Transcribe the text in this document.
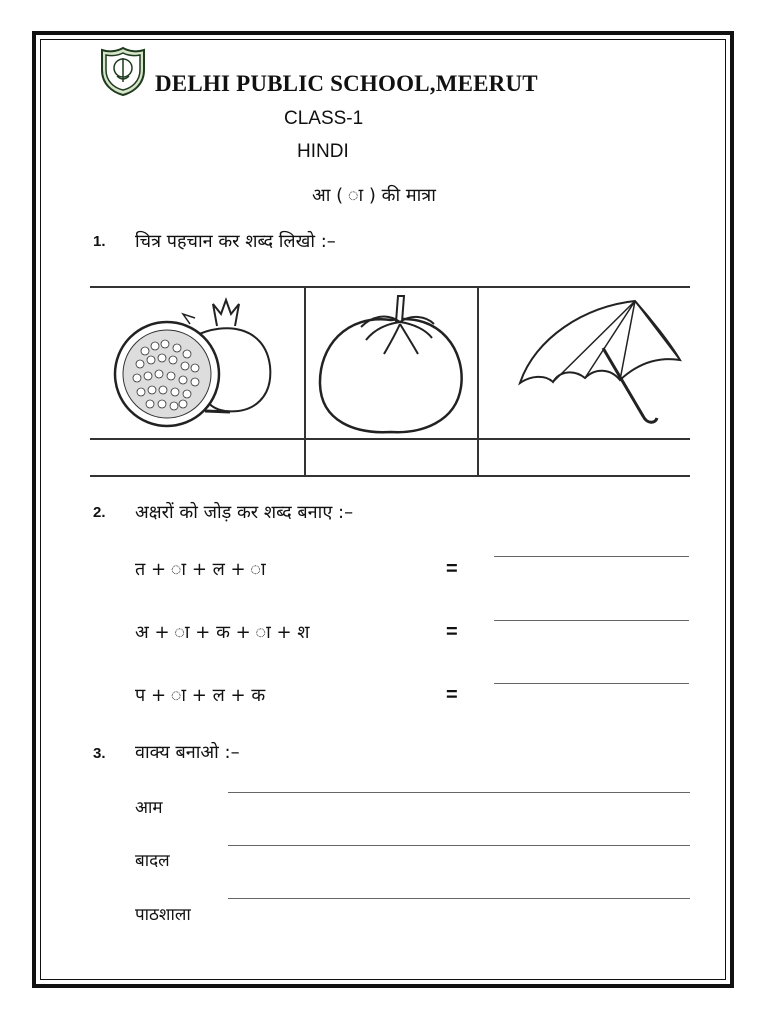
DELHI PUBLIC SCHOOL,MEERUT
CLASS-1
HINDI
आ ( ा ) की मात्रा
1. चित्र पहचान कर शब्द लिखो :–
2. अक्षरों को जोड़ कर शब्द बनाए :–
त + ा + ल + ा	=
अ + ा + क + ा + श	=
प + ा + ल + क	=
3. वाक्य बनाओ :–
आम
बादल
पाठशाला
